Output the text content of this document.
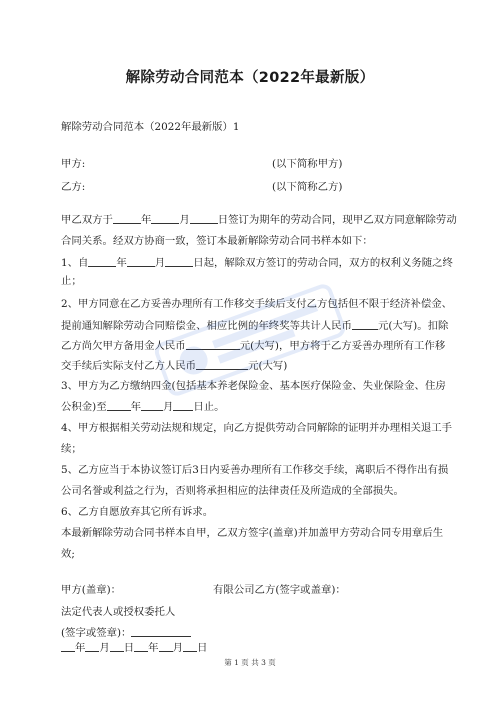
解除劳动合同范本（2022年最新版）
解除劳动合同范本（2022年最新版）1
甲方:	(以下简称甲方)
乙方:	(以下简称乙方)
甲乙双方于	年	月	日签订为期年的劳动合同，现甲乙双方同意解除劳动
合同关系。经双方协商一致，签订本最新解除劳动合同书样本如下：
1、自	年	月	日起，解除双方签订的劳动合同，双方的权利义务随之终
止；
2、甲方同意在乙方妥善办理所有工作移交手续后支付乙方包括但不限于经济补偿金、
提前通知解除劳动合同赔偿金、相应比例的年终奖等共计人民币	元(大写)。扣除
乙方尚欠甲方备用金人民币	元(大写)，甲方将于乙方妥善办理所有工作移
交手续后实际支付乙方人民币	元(大写)
3、甲方为乙方缴纳四金(包括基本养老保险金、基本医疗保险金、失业保险金、住房
公积金)至 年 月 日止。
4、甲方根据相关劳动法规和规定，向乙方提供劳动合同解除的证明并办理相关退工手
续；
5、乙方应当于本协议签订后3日内妥善办理所有工作移交手续，离职后不得作出有损
公司名誉或利益之行为，否则将承担相应的法律责任及所造成的全部损失。
6、乙方自愿放弃其它所有诉求。
本最新解除劳动合同书样本自甲，乙双方签字(盖章)并加盖甲方劳动合同专用章后生
效;
甲方(盖章)：	有限公司乙方(签字或盖章)：
法定代表人或授权委托人
(签字或签章)：
年 月 日 年 月 日
第 1 页 共 3 页
